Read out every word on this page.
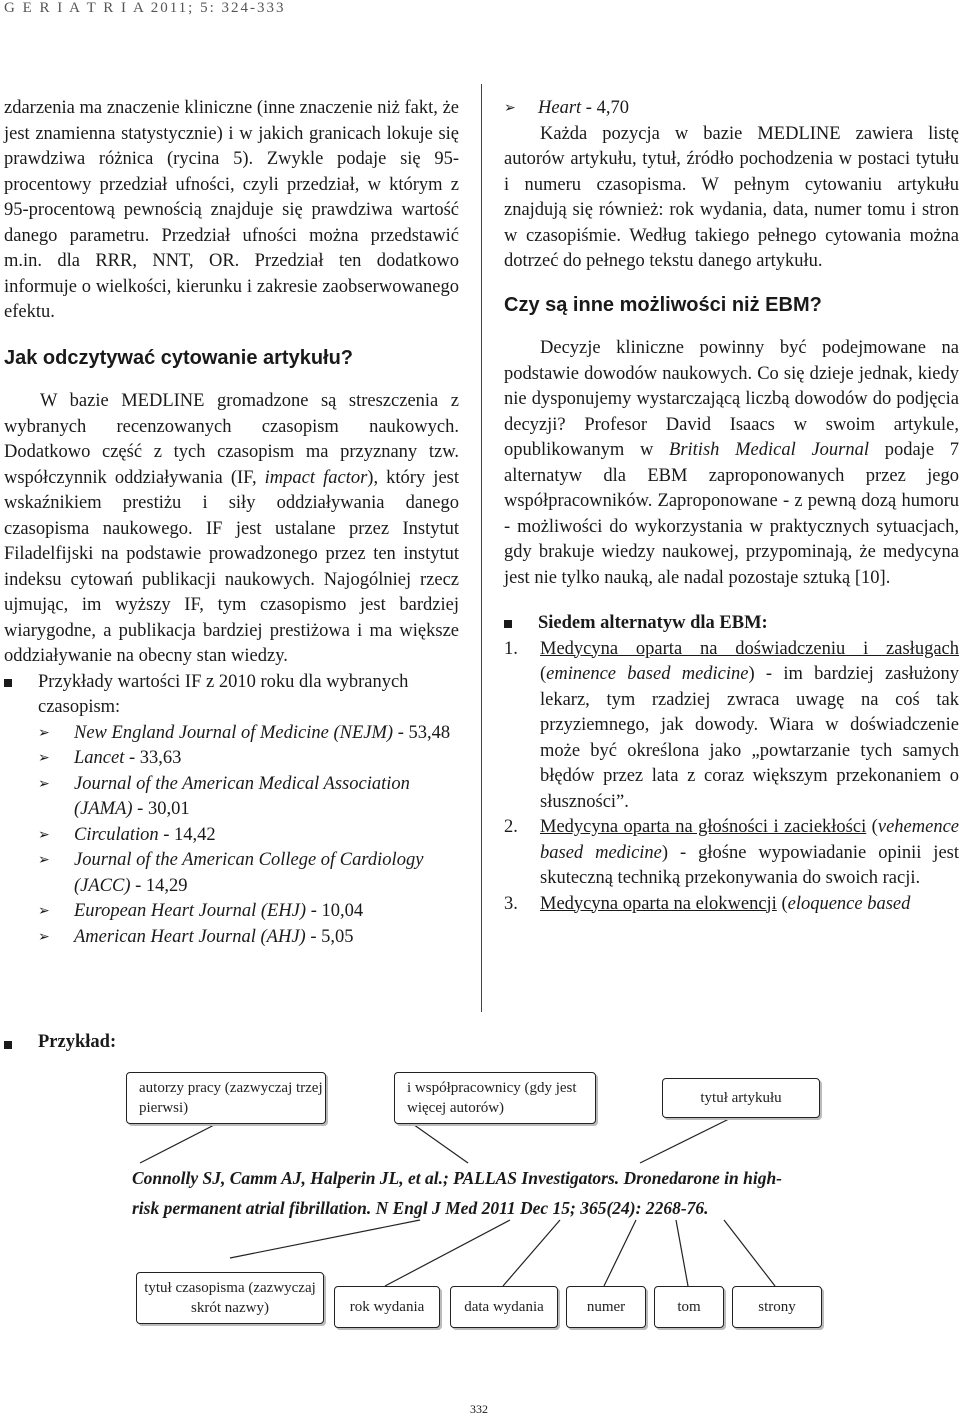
G E R I A T R I A 2011; 5: 324-333

zdarzenia ma znaczenie kliniczne (inne znaczenie niż fakt, że jest znamienna statystycznie) i w jakich granicach lokuje się prawdziwa różnica (rycina 5). Zwykle podaje się 95-procentowy przedział ufności, czyli przedział, w którym z 95-procentową pewnością znajduje się prawdziwa wartość danego parametru. Przedział ufności można przedstawić m.in. dla RRR, NNT, OR. Przedział ten dodatkowo informuje o wielkości, kierunku i zakresie zaobserwowanego efektu.

Jak odczytywać cytowanie artykułu?

W bazie MEDLINE gromadzone są streszczenia z wybranych recenzowanych czasopism naukowych. Dodatkowo część z tych czasopism ma przyznany tzw. współczynnik oddziaływania (IF, impact factor), który jest wskaźnikiem prestiżu i siły oddziaływania danego czasopisma naukowego. IF jest ustalane przez Instytut Filadelfijski na podstawie prowadzonego przez ten instytut indeksu cytowań publikacji naukowych. Najogólniej rzecz ujmując, im wyższy IF, tym czasopismo jest bardziej wiarygodne, a publikacja bardziej prestiżowa i ma większe oddziaływanie na obecny stan wiedzy.

Przykłady wartości IF z 2010 roku dla wybranych czasopism:
➢ New England Journal of Medicine (NEJM) - 53,48
➢ Lancet - 33,63
➢ Journal of the American Medical Association (JAMA) - 30,01
➢ Circulation - 14,42
➢ Journal of the American College of Cardiology (JACC) - 14,29
➢ European Heart Journal (EHJ) - 10,04
➢ American Heart Journal (AHJ) - 5,05
➢ Heart - 4,70

Każda pozycja w bazie MEDLINE zawiera listę autorów artykułu, tytuł, źródło pochodzenia w postaci tytułu i numeru czasopisma. W pełnym cytowaniu artykułu znajdują się również: rok wydania, data, numer tomu i stron w czasopiśmie. Według takiego pełnego cytowania można dotrzeć do pełnego tekstu danego artykułu.

Czy są inne możliwości niż EBM?

Decyzje kliniczne powinny być podejmowane na podstawie dowodów naukowych. Co się dzieje jednak, kiedy nie dysponujemy wystarczającą liczbą dowodów do podjęcia decyzji? Profesor David Isaacs w swoim artykule, opublikowanym w British Medical Journal podaje 7 alternatyw dla EBM zaproponowanych przez jego współpracowników. Zaproponowane - z pewną dozą humoru - możliwości do wykorzystania w praktycznych sytuacjach, gdy brakuje wiedzy naukowej, przypominają, że medycyna jest nie tylko nauką, ale nadal pozostaje sztuką [10].

Siedem alternatyw dla EBM:
1. Medycyna oparta na doświadczeniu i zasługach (eminence based medicine) - im bardziej zasłużony lekarz, tym rzadziej zwraca uwagę na coś tak przyziemnego, jak dowody. Wiara w doświadczenie może być określona jako „powtarzanie tych samych błędów przez lata z coraz większym przekonaniem o słuszności”.
2. Medycyna oparta na głośności i zaciekłości (vehemence based medicine) - głośne wypowiadanie opinii jest skuteczną techniką przekonywania do swoich racji.
3. Medycyna oparta na elokwencji (eloquence based
Przykład:
autorzy pracy (zazwyczaj trzej pierwsi)
i współpracownicy (gdy jest więcej autorów)
tytuł artykułu
Connolly SJ, Camm AJ, Halperin JL, et al.; PALLAS Investigators. Dronedarone in high-
risk permanent atrial fibrillation. N Engl J Med 2011 Dec 15; 365(24): 2268-76.
tytuł czasopisma (zazwyczaj skrót nazwy)	rok wydania	data wydania	numer	tom	strony
332
